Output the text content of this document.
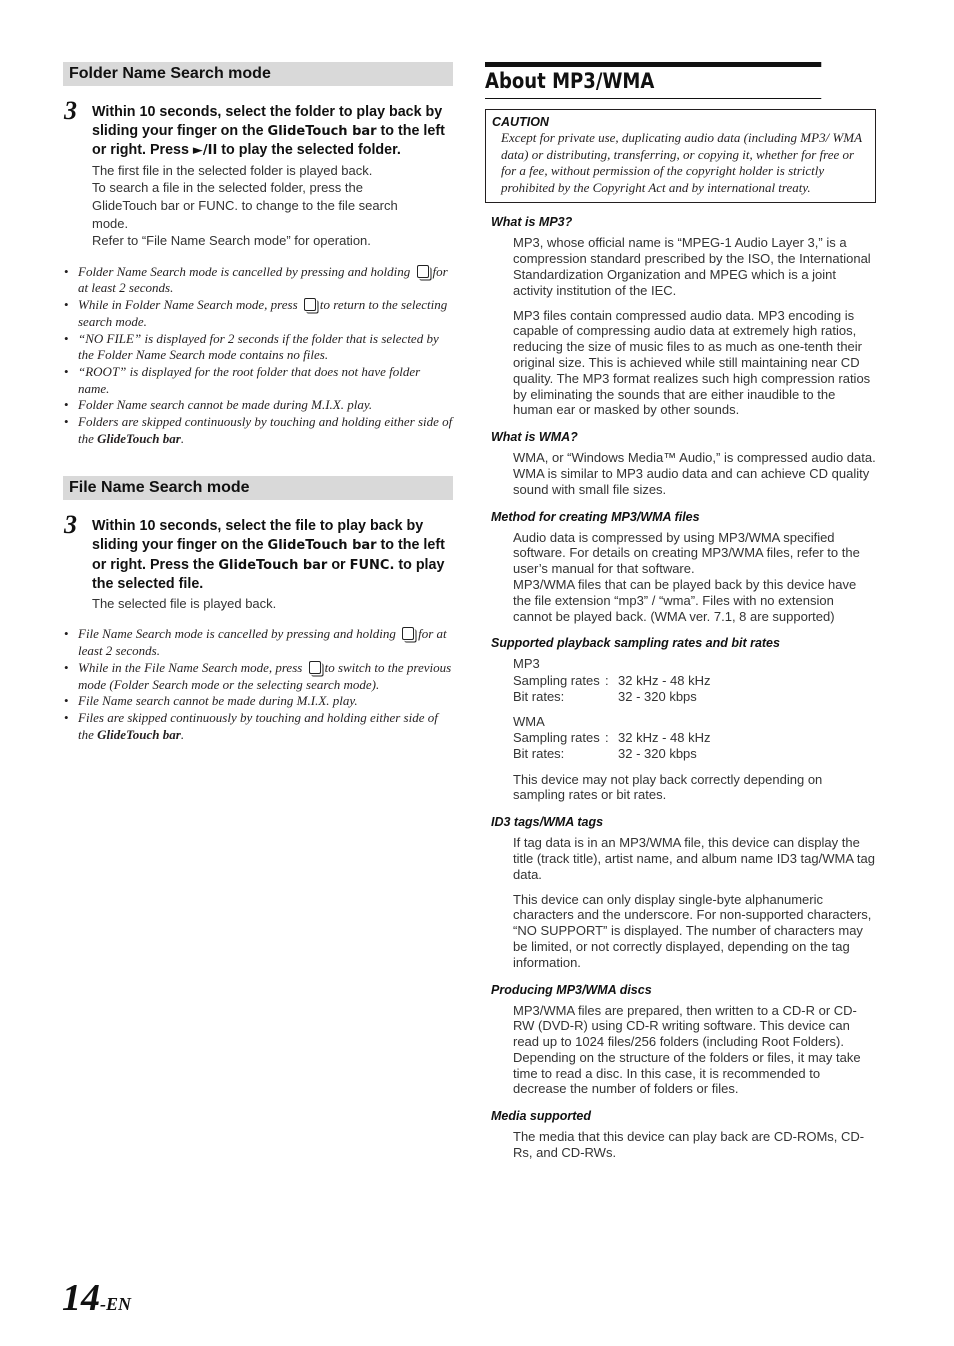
Folder Name Search mode
3 Within 10 seconds, select the folder to play back by sliding your finger on the GlideTouch bar to the left or right. Press ►/II to play the selected folder.
The first file in the selected folder is played back.
To search a file in the selected folder, press the
GlideTouch bar or FUNC. to change to the file search
mode.
Refer to “File Name Search mode” for operation.
• Folder Name Search mode is cancelled by pressing and holding for at least 2 seconds.
• While in Folder Name Search mode, press to return to the selecting search mode.
• “NO FILE” is displayed for 2 seconds if the folder that is selected by the Folder Name Search mode contains no files.
• “ROOT” is displayed for the root folder that does not have folder name.
• Folder Name search cannot be made during M.I.X. play.
• Folders are skipped continuously by touching and holding either side of the GlideTouch bar.
File Name Search mode
3 Within 10 seconds, select the file to play back by sliding your finger on the GlideTouch bar to the left or right. Press the GlideTouch bar or FUNC. to play the selected file.
The selected file is played back.
• File Name Search mode is cancelled by pressing and holding for at least 2 seconds.
• While in the File Name Search mode, press to switch to the previous mode (Folder Search mode or the selecting search mode).
• File Name search cannot be made during M.I.X. play.
• Files are skipped continuously by touching and holding either side of the GlideTouch bar.
About MP3/WMA
CAUTION
Except for private use, duplicating audio data (including MP3/ WMA data) or distributing, transferring, or copying it, whether for free or for a fee, without permission of the copyright holder is strictly prohibited by the Copyright Act and by international treaty.
What is MP3?
MP3, whose official name is “MPEG-1 Audio Layer 3,” is a compression standard prescribed by the ISO, the International Standardization Organization and MPEG which is a joint activity institution of the IEC.
MP3 files contain compressed audio data. MP3 encoding is capable of compressing audio data at extremely high ratios, reducing the size of music files to as much as one-tenth their original size. This is achieved while still maintaining near CD quality. The MP3 format realizes such high compression ratios by eliminating the sounds that are either inaudible to the human ear or masked by other sounds.
What is WMA?
WMA, or “Windows Media™ Audio,” is compressed audio data.
WMA is similar to MP3 audio data and can achieve CD quality sound with small file sizes.
Method for creating MP3/WMA files
Audio data is compressed by using MP3/WMA specified software. For details on creating MP3/WMA files, refer to the user’s manual for that software.
MP3/WMA files that can be played back by this device have the file extension “mp3” / “wma”. Files with no extension cannot be played back. (WMA ver. 7.1, 8 are supported)
Supported playback sampling rates and bit rates
MP3
Sampling rates : 32 kHz - 48 kHz
Bit rates:	32 - 320 kbps
WMA
Sampling rates : 32 kHz - 48 kHz
Bit rates:	32 - 320 kbps
This device may not play back correctly depending on sampling rates or bit rates.
ID3 tags/WMA tags
If tag data is in an MP3/WMA file, this device can display the title (track title), artist name, and album name ID3 tag/WMA tag data.
This device can only display single-byte alphanumeric characters and the underscore. For non-supported characters, “NO SUPPORT” is displayed. The number of characters may be limited, or not correctly displayed, depending on the tag information.
Producing MP3/WMA discs
MP3/WMA files are prepared, then written to a CD-R or CD-RW (DVD-R) using CD-R writing software. This device can read up to 1024 files/256 folders (including Root Folders). Depending on the structure of the folders or files, it may take time to read a disc. In this case, it is recommended to decrease the number of folders or files.
Media supported
The media that this device can play back are CD-ROMs, CD-Rs, and CD-RWs.
14-EN
